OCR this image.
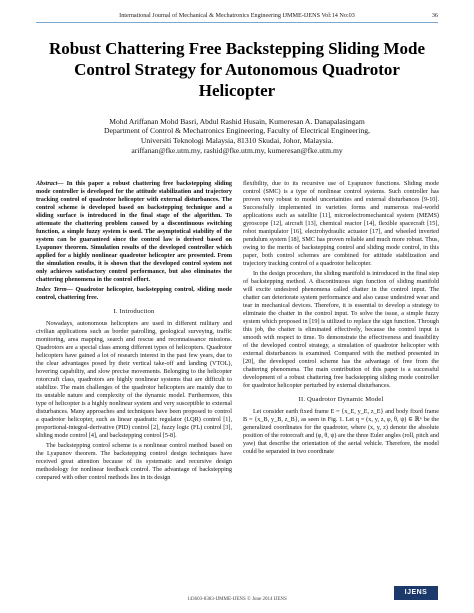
International Journal of Mechanical & Mechatronics Engineering IJMME-IJENS Vol:14 No:03	36
Robust Chattering Free Backstepping Sliding Mode
Control Strategy for Autonomous Quadrotor
Helicopter
Mohd Ariffanan Mohd Basri, Abdul Rashid Husain, Kumeresan A. Danapalasingam
Department of Control & Mechatronics Engineering, Faculty of Electrical Engineering,
Universiti Teknologi Malaysia, 81310 Skudai, Johor, Malaysia.
ariffanan@fke.utm.my, rashid@fke.utm.my, kumeresan@fke.utm.my

Abstract— In this paper a robust chattering free backstepping sliding mode controller is developed for the attitude stabilization and trajectory tracking control of quadrotor helicopter with external disturbances. The control scheme is developed based on backstepping technique and a sliding surface is introduced in the final stage of the algorithm. To attenuate the chattering problem caused by a discontinuous switching function, a simple fuzzy system is used. The asymptotical stability of the system can be guaranteed since the control law is derived based on Lyapunov theorem. Simulation results of the developed controller which applied for a highly nonlinear quadrotor helicopter are presented. From the simulation results, it is shown that the developed control system not only achieves satisfactory control performance, but also eliminates the chattering phenomena in the control effort.

Index Term— Quadrotor helicopter, backstepping control, sliding mode control, chattering free.

I. Introduction

Nowadays, autonomous helicopters are used in different military and civilian applications such as border patrolling, geological surveying, traffic monitoring, area mapping, search and rescue and reconnaissance missions. Quadrotors are a special class among different types of helicopters. Quadrotor helicopters have gained a lot of research interest in the past few years, due to the clear advantages posed by their vertical take-off and landing (VTOL), hovering capability, and slow precise movements. Belonging to the helicopter rotorcraft class, quadrotors are highly nonlinear systems that are difficult to stabilize. The main challenges of the quadrotor helicopters are mainly due to its unstable nature and complexity of the dynamic model. Furthermore, this type of helicopter is a highly nonlinear system and very susceptible to external disturbances. Many approaches and techniques have been proposed to control a quadrotor helicopter, such as linear quadratic regulator (LQR) control [1], proportional-integral-derivative (PID) control [2], fuzzy logic (FL) control [3], sliding mode control [4], and backstepping control [5-8].

The backstepping control scheme is a nonlinear control method based on the Lyapunov theorem. The backstepping control design techniques have received great attention because of its systematic and recursive design methodology for nonlinear feedback control. The advantage of backstepping compared with other control methods lies in its design

flexibility, due to its recursive use of Lyapunov functions. Sliding mode control (SMC) is a type of nonlinear control systems. Such controller has proven very robust to model uncertainties and external disturbances [9-10]. Successfully implemented in varieties forms and numerous real-world applications such as satellite [11], microelectromechanical system (MEMS) gyroscope [12], aircraft [13], chemical reactor [14], flexible spacecraft [15], robot manipulator [16], electrohydraulic actuator [17], and wheeled inverted pendulum system [18], SMC has proven reliable and much more robust. Thus, owing to the merits of backstepping control and sliding mode control, in this paper, both control schemes are combined for attitude stabilization and trajectory tracking control of a quadrotor helicopter.

In the design procedure, the sliding manifold is introduced in the final step of backstepping method. A discontinuous sign function of sliding manifold will excite undesired phenomena called chatter in the control input. The chatter can deteriorate system performance and also cause undesired wear and tear in mechanical devices. Therefore, it is essential to develop a strategy to eliminate the chatter in the control input. To solve the issue, a simple fuzzy system which proposed in [19] is utilized to replace the sign function. Through this job, the chatter is eliminated effectively, because the control input is smooth with respect to time. To demonstrate the effectiveness and feasibility of the developed control strategy, a simulation of quadrotor helicopter with external disturbances is examined. Compared with the method presented in [20], the developed control scheme has the advantage of free from the chattering phenomena. The main contribution of this paper is a successful development of a robust chattering free backstepping sliding mode controller for quadrotor helicopter perturbed by external disturbances.

II. Quadrotor Dynamic Model

Let consider earth fixed frame E = {x_E, y_E, z_E} and body fixed frame B = {x_B, y_B, z_B}, as seen in Fig. 1. Let q = (x, y, z, φ, θ, ψ) ∈ ℝ⁶ be the generalized coordinates for the quadrotor, where (x, y, z) denote the absolute position of the rotorcraft and (φ, θ, ψ) are the three Euler angles (roll, pitch and yaw) that describe the orientation of the aerial vehicle. Therefore, the model could be separated in two coordinate

143603-8383-IJMME-IJENS © June 2014 IJENS
IJENS
